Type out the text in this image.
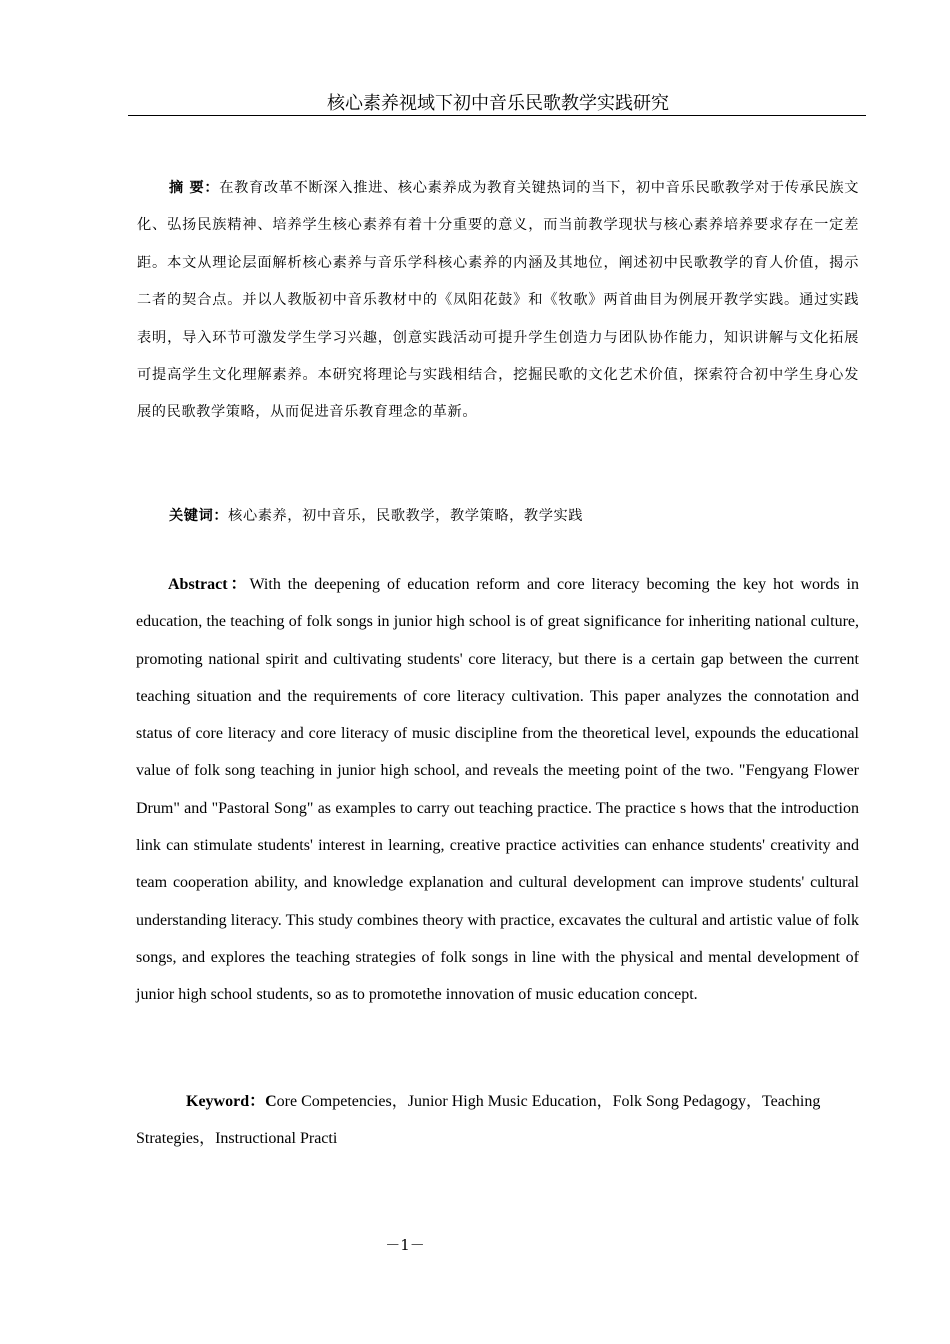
核心素养视域下初中音乐民歌教学实践研究

摘 要：在教育改革不断深入推进、核心素养成为教育关键热词的当下，初中音乐民歌教学对于传承民族文化、弘扬民族精神、培养学生核心素养有着十分重要的意义，而当前教学现状与核心素养培养要求存在一定差距。本文从理论层面解析核心素养与音乐学科核心素养的内涵及其地位，阐述初中民歌教学的育人价值，揭示二者的契合点。并以人教版初中音乐教材中的《凤阳花鼓》和《牧歌》两首曲目为例展开教学实践。通过实践表明，导入环节可激发学生学习兴趣，创意实践活动可提升学生创造力与团队协作能力，知识讲解与文化拓展可提高学生文化理解素养。本研究将理论与实践相结合，挖掘民歌的文化艺术价值，探索符合初中学生身心发展的民歌教学策略，从而促进音乐教育理念的革新。

关键词：核心素养，初中音乐，民歌教学，教学策略，教学实践

Abstract：With the deepening of education reform and core literacy becoming the key hot words in education, the teaching of folk songs in junior high school is of great significance for inheriting national culture, promoting national spirit and cultivating students' core literacy, but there is a certain gap between the current teaching situation and the requirements of core literacy cultivation. This paper analyzes the connotation and status of core literacy and core literacy of music discipline from the theoretical level, expounds the educational value of folk song teaching in junior high school, and reveals the meeting point of the two. "Fengyang Flower Drum" and "Pastoral Song" as examples to carry out teaching practice. The practice s hows that the introduction link can stimulate students' interest in learning, creative practice activities can enhance students' creativity and team cooperation ability, and knowledge explanation and cultural development can improve students' cultural understanding literacy. This study combines theory with practice, excavates the cultural and artistic value of folk songs, and explores the teaching strategies of folk songs in line with the physical and mental development of junior high school students, so as to promotethe innovation of music education concept.

Keyword：Core Competencies，Junior High Music Education，Folk Song Pedagogy，Teaching Strategies，Instructional Practi

－1－
